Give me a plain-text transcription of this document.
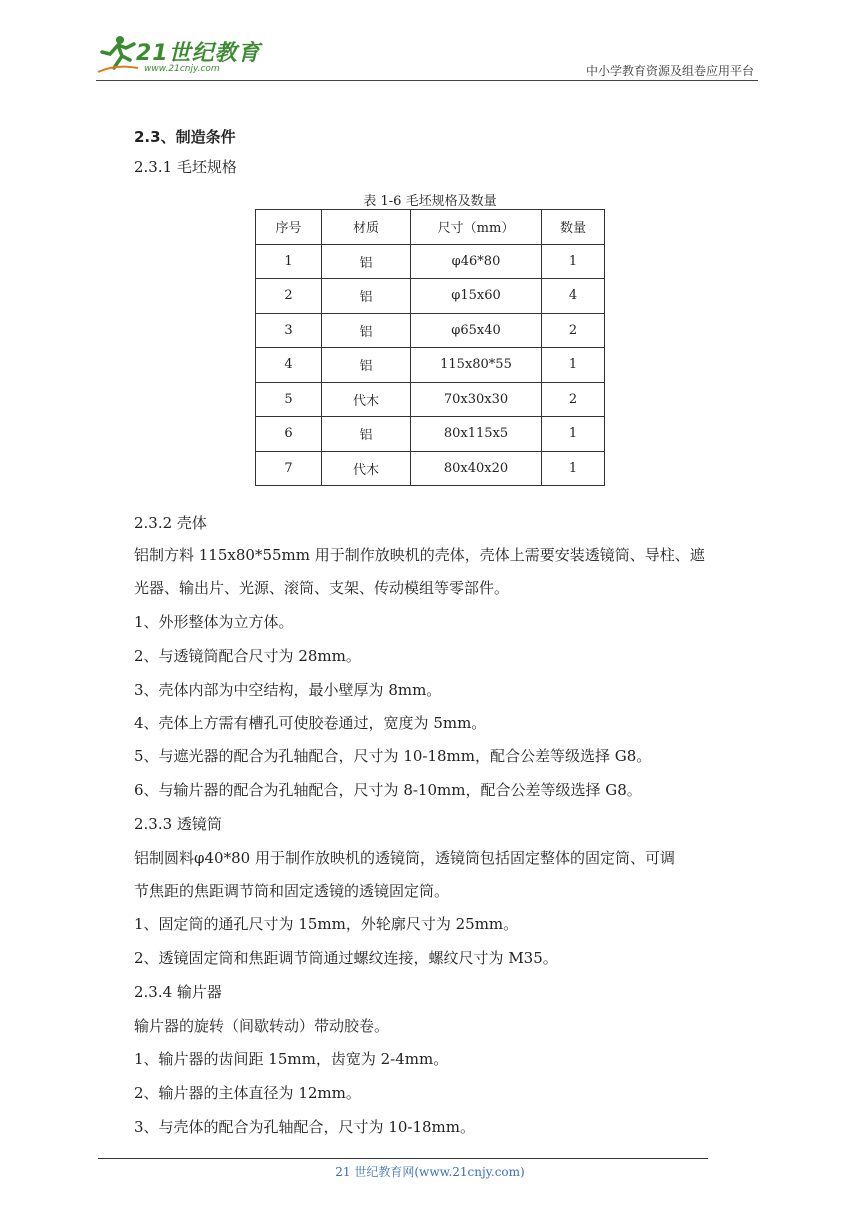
21世纪教育
www.21cnjy.com	中小学教育资源及组卷应用平台
2.3、制造条件
2.3.1 毛坯规格
表 1-6 毛坯规格及数量
序号	材质	尺寸（mm）	数量
1	铝	φ46*80	1
2	铝	φ15x60	4
3	铝	φ65x40	2
4	铝	115x80*55	1
5	代木	70x30x30	2
6	铝	80x115x5	1
7	代木	80x40x20	1
2.3.2 壳体
铝制方料 115x80*55mm 用于制作放映机的壳体，壳体上需要安装透镜筒、导柱、遮
光器、输出片、光源、滚筒、支架、传动模组等零部件。
1、外形整体为立方体。
2、与透镜筒配合尺寸为 28mm。
3、壳体内部为中空结构，最小壁厚为 8mm。
4、壳体上方需有槽孔可使胶卷通过，宽度为 5mm。
5、与遮光器的配合为孔轴配合，尺寸为 10-18mm，配合公差等级选择 G8。
6、与输片器的配合为孔轴配合，尺寸为 8-10mm，配合公差等级选择 G8。
2.3.3 透镜筒
铝制圆料φ40*80 用于制作放映机的透镜筒，透镜筒包括固定整体的固定筒、可调
节焦距的焦距调节筒和固定透镜的透镜固定筒。
1、固定筒的通孔尺寸为 15mm，外轮廓尺寸为 25mm。
2、透镜固定筒和焦距调节筒通过螺纹连接，螺纹尺寸为 M35。
2.3.4 输片器
输片器的旋转（间歇转动）带动胶卷。
1、输片器的齿间距 15mm，齿宽为 2-4mm。
2、输片器的主体直径为 12mm。
3、与壳体的配合为孔轴配合，尺寸为 10-18mm。
21 世纪教育网(www.21cnjy.com)
